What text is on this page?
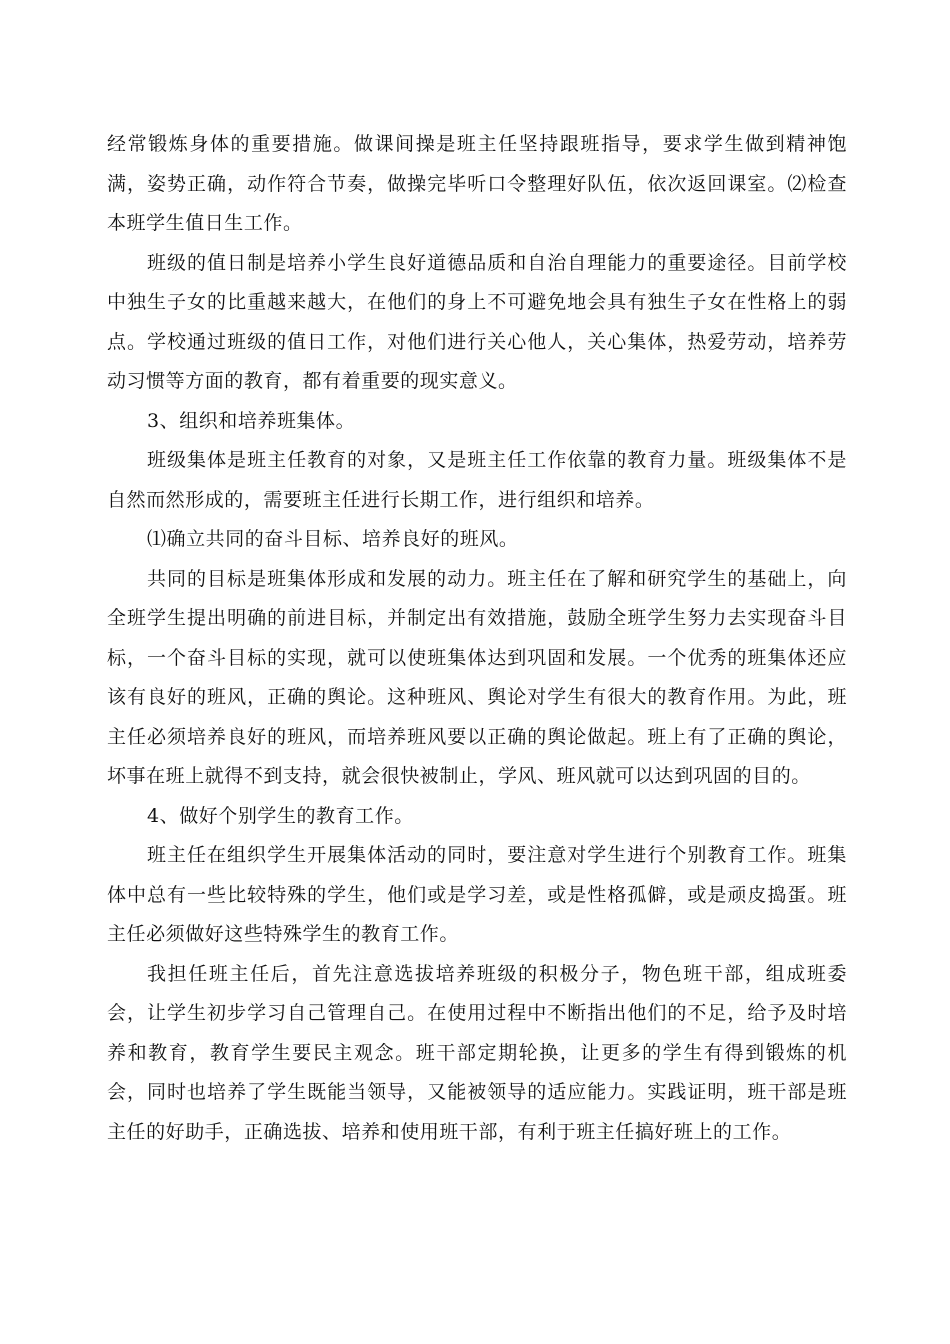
经常锻炼身体的重要措施。做课间操是班主任坚持跟班指导，要求学生做到精神饱满，姿势正确，动作符合节奏，做操完毕听口令整理好队伍，依次返回课室。⑵检查本班学生值日生工作。

班级的值日制是培养小学生良好道德品质和自治自理能力的重要途径。目前学校中独生子女的比重越来越大，在他们的身上不可避免地会具有独生子女在性格上的弱点。学校通过班级的值日工作，对他们进行关心他人，关心集体，热爱劳动，培养劳动习惯等方面的教育，都有着重要的现实意义。

3、组织和培养班集体。

班级集体是班主任教育的对象，又是班主任工作依靠的教育力量。班级集体不是自然而然形成的，需要班主任进行长期工作，进行组织和培养。

⑴确立共同的奋斗目标、培养良好的班风。

共同的目标是班集体形成和发展的动力。班主任在了解和研究学生的基础上，向全班学生提出明确的前进目标，并制定出有效措施，鼓励全班学生努力去实现奋斗目标，一个奋斗目标的实现，就可以使班集体达到巩固和发展。一个优秀的班集体还应该有良好的班风，正确的舆论。这种班风、舆论对学生有很大的教育作用。为此，班主任必须培养良好的班风，而培养班风要以正确的舆论做起。班上有了正确的舆论，坏事在班上就得不到支持，就会很快被制止，学风、班风就可以达到巩固的目的。

4、做好个别学生的教育工作。

班主任在组织学生开展集体活动的同时，要注意对学生进行个别教育工作。班集体中总有一些比较特殊的学生，他们或是学习差，或是性格孤僻，或是顽皮捣蛋。班主任必须做好这些特殊学生的教育工作。

我担任班主任后，首先注意选拔培养班级的积极分子，物色班干部，组成班委会，让学生初步学习自己管理自己。在使用过程中不断指出他们的不足，给予及时培养和教育，教育学生要民主观念。班干部定期轮换，让更多的学生有得到锻炼的机会，同时也培养了学生既能当领导，又能被领导的适应能力。实践证明，班干部是班主任的好助手，正确选拔、培养和使用班干部，有利于班主任搞好班上的工作。
